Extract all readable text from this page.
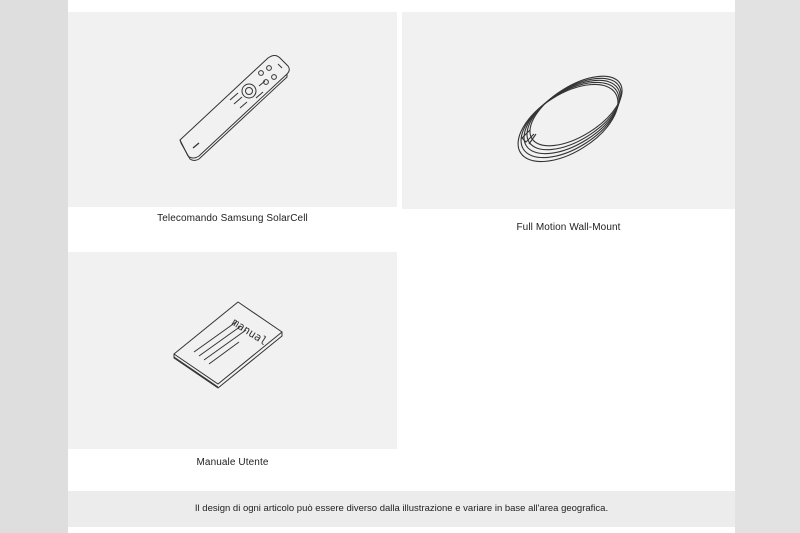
Telecomando Samsung SolarCell
Full Motion Wall-Mount
manual
Manuale Utente
Il design di ogni articolo può essere diverso dalla illustrazione e variare in base all'area geografica.
